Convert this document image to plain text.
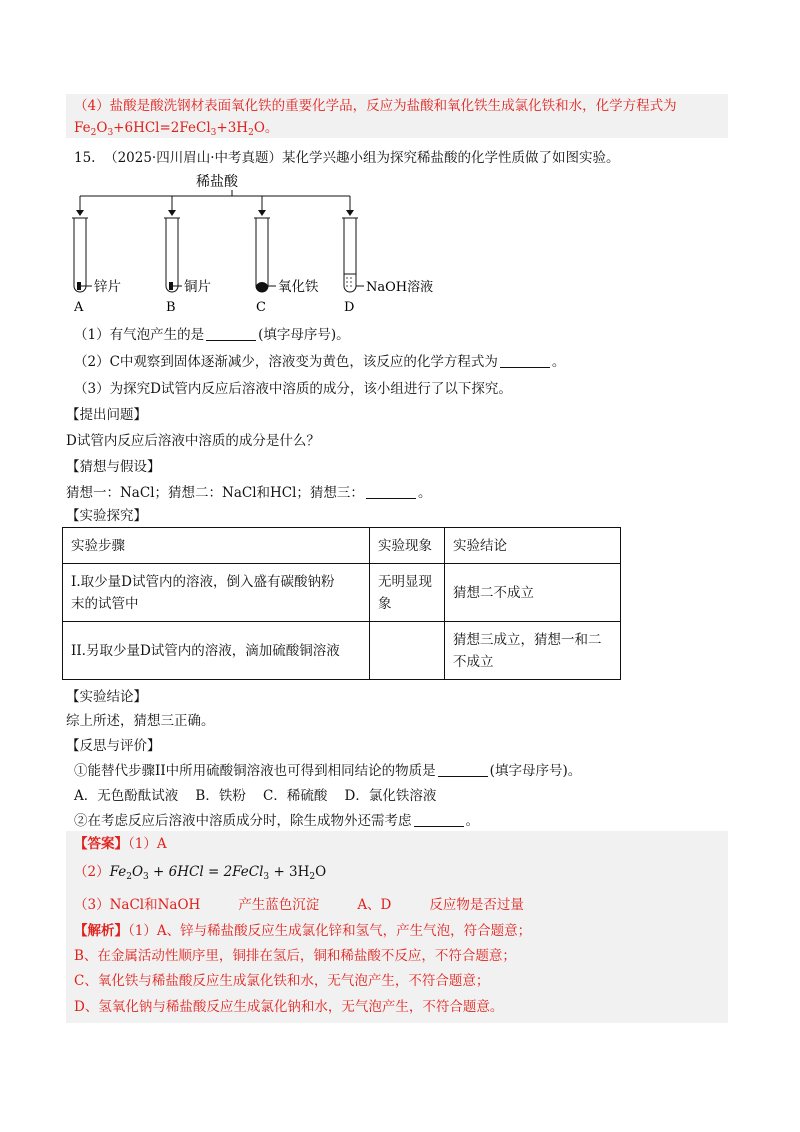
（4）盐酸是酸洗钢材表面氧化铁的重要化学品，反应为盐酸和氧化铁生成氯化铁和水，化学方程式为
$Fe_2O_3+6HCl=2FeCl_3+3H_2O$。
15. （2025·四川眉山·中考真题）某化学兴趣小组为探究稀盐酸的化学性质做了如图实验。
稀盐酸
锌片
A
铜片
B
氧化铁
C
NaOH溶液
D
（1）有气泡产生的是	(填字母序号)。
（2）C中观察到固体逐渐减少，溶液变为黄色，该反应的化学方程式为	。
（3）为探究D试管内反应后溶液中溶质的成分，该小组进行了以下探究。
【提出问题】
D试管内反应后溶液中溶质的成分是什么？
【猜想与假设】
猜想一：NaCl；猜想二：NaCl和HCl；猜想三：	。
【实验探究】
实验步骤	实验现象	实验结论
I.取少量D试管内的溶液，倒入盛有碳酸钠粉
末的试管中	无明显现
象	猜想二不成立
II.另取少量D试管内的溶液，滴加硫酸铜溶液		猜想三成立，猜想一和二
不成立
【实验结论】
综上所述，猜想三正确。
【反思与评价】
①能替代步骤II中所用硫酸铜溶液也可得到相同结论的物质是	(填字母序号)。
A．无色酚酞试液    B．铁粉    C．稀硫酸    D．氯化铁溶液
②在考虑反应后溶液中溶质成分时，除生成物外还需考虑	。
【答案】（1）A
$(2)Fe_2O_3 + 6HCl$ = 2FeCl$_3$ + $3H_2O$
（3）NaCl和NaOH	产生蓝色沉淀	A、D	反应物是否过量
【解析】（1）A、锌与稀盐酸反应生成氯化锌和氢气，产生气泡，符合题意；
B、在金属活动性顺序里，铜排在氢后，铜和稀盐酸不反应，不符合题意；
C、氧化铁与稀盐酸反应生成氯化铁和水，无气泡产生，不符合题意；
D、氢氧化钠与稀盐酸反应生成氯化钠和水，无气泡产生，不符合题意。
